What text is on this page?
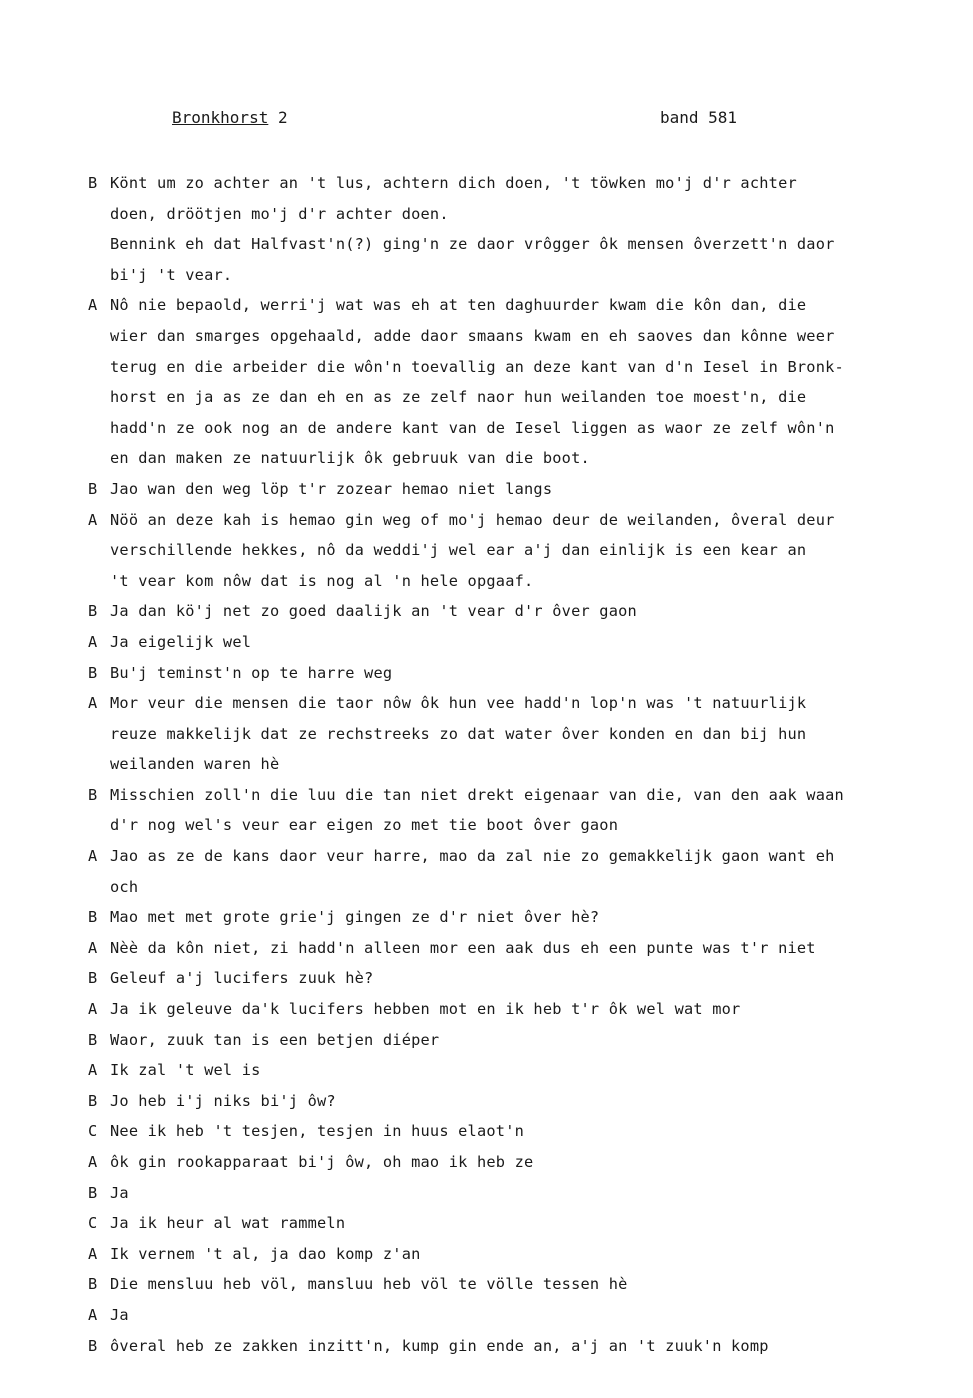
Bronkhorst 2	band 581
B Könt um zo achter an 't lus, achtern dich doen, 't töwken mo'j d'r achter
doen, dröötjen mo'j d'r achter doen.
Bennink eh dat Halfvast'n(?) ging'n ze daor vrôgger ôk mensen ôverzett'n daor
bi'j 't vear.
A Nô nie bepaold, werri'j wat was eh at ten daghuurder kwam die kôn dan, die
wier dan smarges opgehaald, adde daor smaans kwam en eh saoves dan kônne weer
terug en die arbeider die wôn'n toevallig an deze kant van d'n Iesel in Bronk-
horst en ja as ze dan eh en as ze zelf naor hun weilanden toe moest'n, die
hadd'n ze ook nog an de andere kant van de Iesel liggen as waor ze zelf wôn'n
en dan maken ze natuurlijk ôk gebruuk van die boot.
B Jao wan den weg löp t'r zozear hemao niet langs
A Nöö an deze kah is hemao gin weg of mo'j hemao deur de weilanden, ôveral deur
verschillende hekkes, nô da weddi'j wel ear a'j dan einlijk is een kear an
't vear kom nôw dat is nog al 'n hele opgaaf.
B Ja dan kö'j net zo goed daalijk an 't vear d'r ôver gaon
A Ja eigelijk wel
B Bu'j teminst'n op te harre weg
A Mor veur die mensen die taor nôw ôk hun vee hadd'n lop'n was 't natuurlijk
reuze makkelijk dat ze rechstreeks zo dat water ôver konden en dan bij hun
weilanden waren hè
B Misschien zoll'n die luu die tan niet drekt eigenaar van die, van den aak waan
d'r nog wel's veur ear eigen zo met tie boot ôver gaon
A Jao as ze de kans daor veur harre, mao da zal nie zo gemakkelijk gaon want eh
och
B Mao met met grote grie'j gingen ze d'r niet ôver hè?
A Nèè da kôn niet, zi hadd'n alleen mor een aak dus eh een punte was t'r niet
B Geleuf a'j lucifers zuuk hè?
A Ja ik geleuve da'k lucifers hebben mot en ik heb t'r ôk wel wat mor
B Waor, zuuk tan is een betjen diéper
A Ik zal 't wel is
B Jo heb i'j niks bi'j ôw?
C Nee ik heb 't tesjen, tesjen in huus elaot'n
A ôk gin rookapparaat bi'j ôw, oh mao ik heb ze
B Ja
C Ja ik heur al wat rammeln
A Ik vernem 't al, ja dao komp z'an
B Die mensluu heb völ, mansluu heb völ te völle tessen hè
A Ja
B ôveral heb ze zakken inzitt'n, kump gin ende an, a'j an 't zuuk'n komp
